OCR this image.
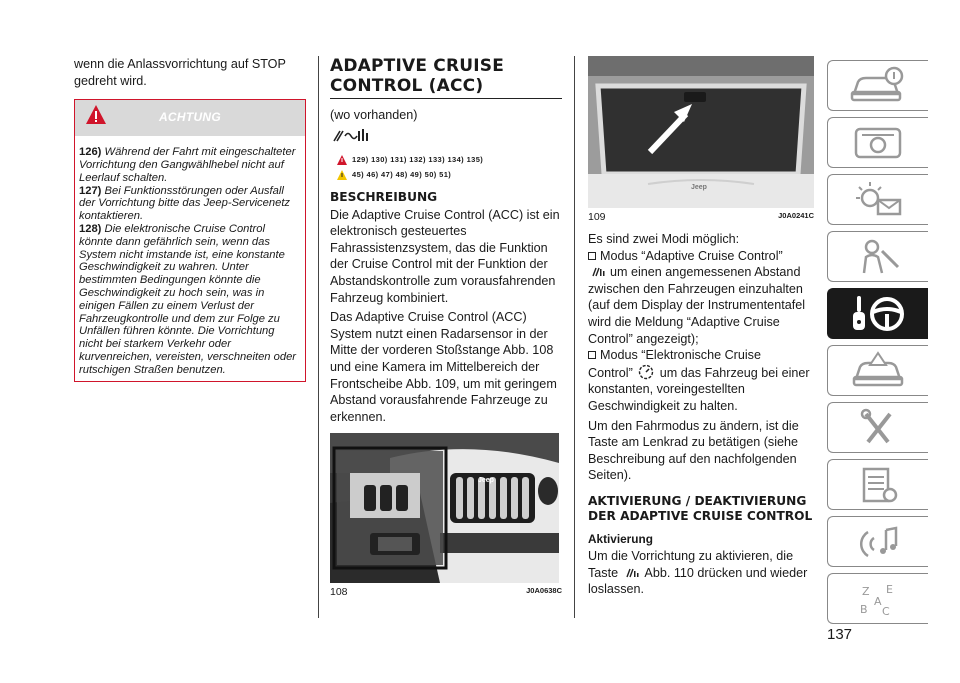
wenn die Anlassvorrichtung auf STOP gedreht wird.

ACHTUNG

126) Während der Fahrt mit eingeschalteter Vorrichtung den Gangwählhebel nicht auf Leerlauf schalten.

127) Bei Funktionsstörungen oder Ausfall der Vorrichtung bitte das Jeep-Servicenetz kontaktieren.

128) Die elektronische Cruise Control könnte dann gefährlich sein, wenn das System nicht imstande ist, eine konstante Geschwindigkeit zu wahren. Unter bestimmten Bedingungen könnte die Geschwindigkeit zu hoch sein, was in einigen Fällen zu einem Verlust der Fahrzeugkontrolle und dem zur Folge zu Unfällen führen könnte. Die Vorrichtung nicht bei starkem Verkehr oder kurvenreichen, vereisten, verschneiten oder rutschigen Straßen benutzen.

ADAPTIVE CRUISE
CONTROL (ACC)

(wo vorhanden)

129) 130) 131) 132) 133) 134) 135)
45) 46) 47) 48) 49) 50) 51)
BESCHREIBUNG

Die Adaptive Cruise Control (ACC) ist ein elektronisch gesteuertes Fahrassistenzsystem, das die Funktion der Cruise Control mit der Funktion der Abstandskontrolle zum vorausfahrenden Fahrzeug kombiniert.

Das Adaptive Cruise Control (ACC) System nutzt einen Radarsensor in der Mitte der vorderen Stoßstange Abb. 108 und eine Kamera im Mittelbereich der Frontscheibe Abb. 109, um mit geringem Abstand vorausfahrende Fahrzeuge zu erkennen.

Jeep
108	J0A0638C
Jeep
109	J0A0241C

Es sind zwei Modi möglich:

Modus “Adaptive Cruise Control”

um einen angemessenen Abstand zwischen den Fahrzeugen einzuhalten (auf dem Display der Instrumententafel wird die Meldung “Adaptive Cruise Control” angezeigt);

Modus “Elektronische Cruise

Control” um das Fahrzeug bei einer konstanten, voreingestellten Geschwindigkeit zu halten.

Um den Fahrmodus zu ändern, ist die Taste am Lenkrad zu betätigen (siehe Beschreibung auf den nachfolgenden Seiten).

AKTIVIERUNG / DEAKTIVIERUNG DER ADAPTIVE CRUISE CONTROL
Aktivierung

Um die Vorrichtung zu aktivieren, die Taste Abb. 110 drücken und wieder loslassen.	Z E
B
A
C
137
